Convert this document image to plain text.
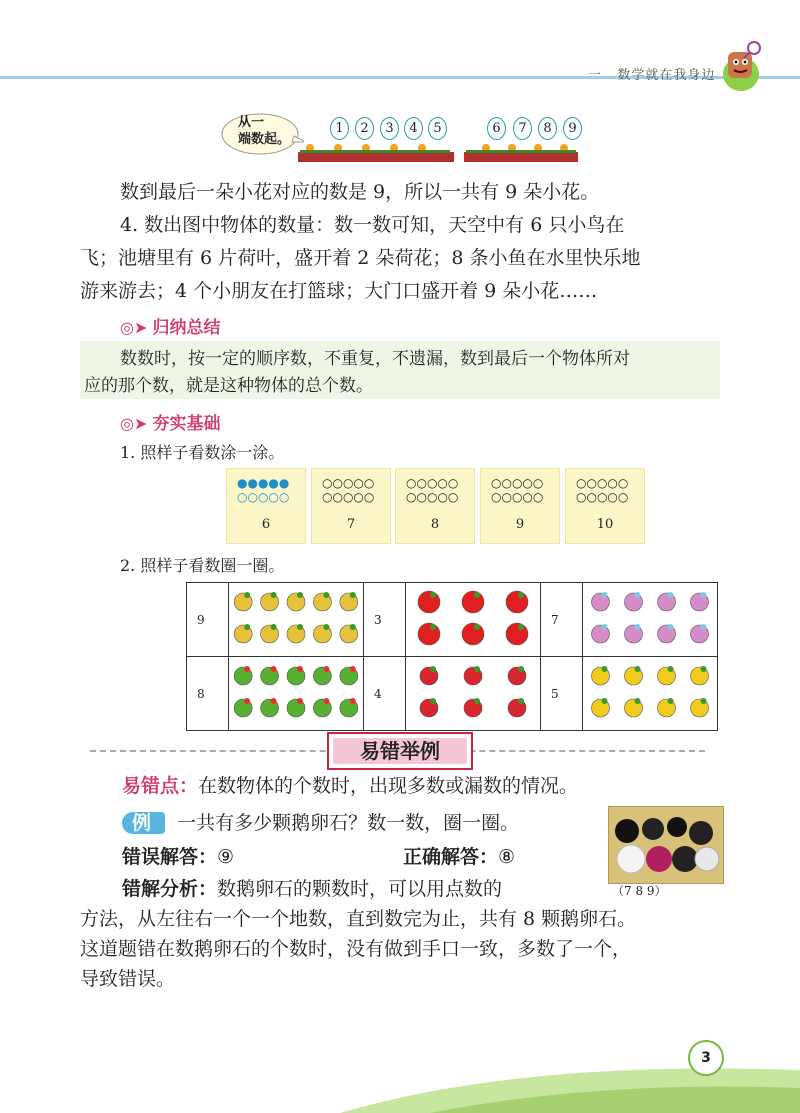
一 数学就在我身边
从一
端数起。
1	2	3	4	5	6	7	8	9
数到最后一朵小花对应的数是 9，所以一共有 9 朵小花。
4. 数出图中物体的数量：数一数可知，天空中有 6 只小鸟在
飞；池塘里有 6 片荷叶，盛开着 2 朵荷花；8 条小鱼在水里快乐地
游来游去；4 个小朋友在打篮球；大门口盛开着 9 朵小花……
◎➤ 归纳总结
数数时，按一定的顺序数，不重复，不遗漏，数到最后一个物体所对
应的那个数，就是这种物体的总个数。
◎➤ 夯实基础
1. 照样子看数涂一涂。
●●●●●
○○○○○
6
○○○○○
○○○○○
7
○○○○○
○○○○○
8
○○○○○
○○○○○
9
○○○○○
○○○○○
10
2. 照样子看数圈一圈。
9		3		7	
8		4		5	
易错举例
易错点：在数物体的个数时，出现多数或漏数的情况。
例 一共有多少颗鹅卵石？数一数，圈一圈。
错误解答：⑨	正确解答：⑧
（7 8 9）
错解分析：数鹅卵石的颗数时，可以用点数的
方法，从左往右一个一个地数，直到数完为止，共有 8 颗鹅卵石。
这道题错在数鹅卵石的个数时，没有做到手口一致，多数了一个，
导致错误。
3
